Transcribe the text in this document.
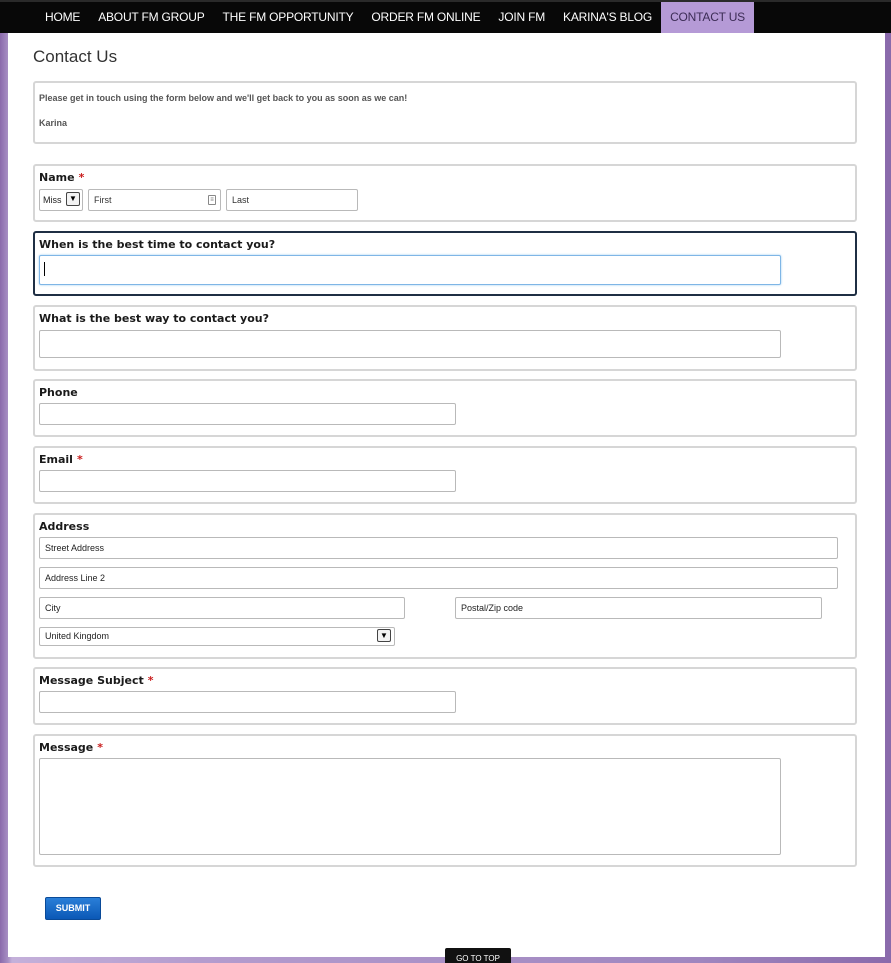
HOME	ABOUT FM GROUP	THE FM OPPORTUNITY	ORDER FM ONLINE	JOIN FM	KARINA'S BLOG	CONTACT US
Contact Us

Please get in touch using the form below and we'll get back to you as soon as we can!

Karina

Name *
Miss ▼	First	≡	Last
When is the best time to contact you?
What is the best way to contact you?
Phone
Email *
Address
Street Address
Address Line 2
City	Postal/Zip code
United Kingdom	▼
Message Subject *
Message *
SUBMIT
GO TO TOP
